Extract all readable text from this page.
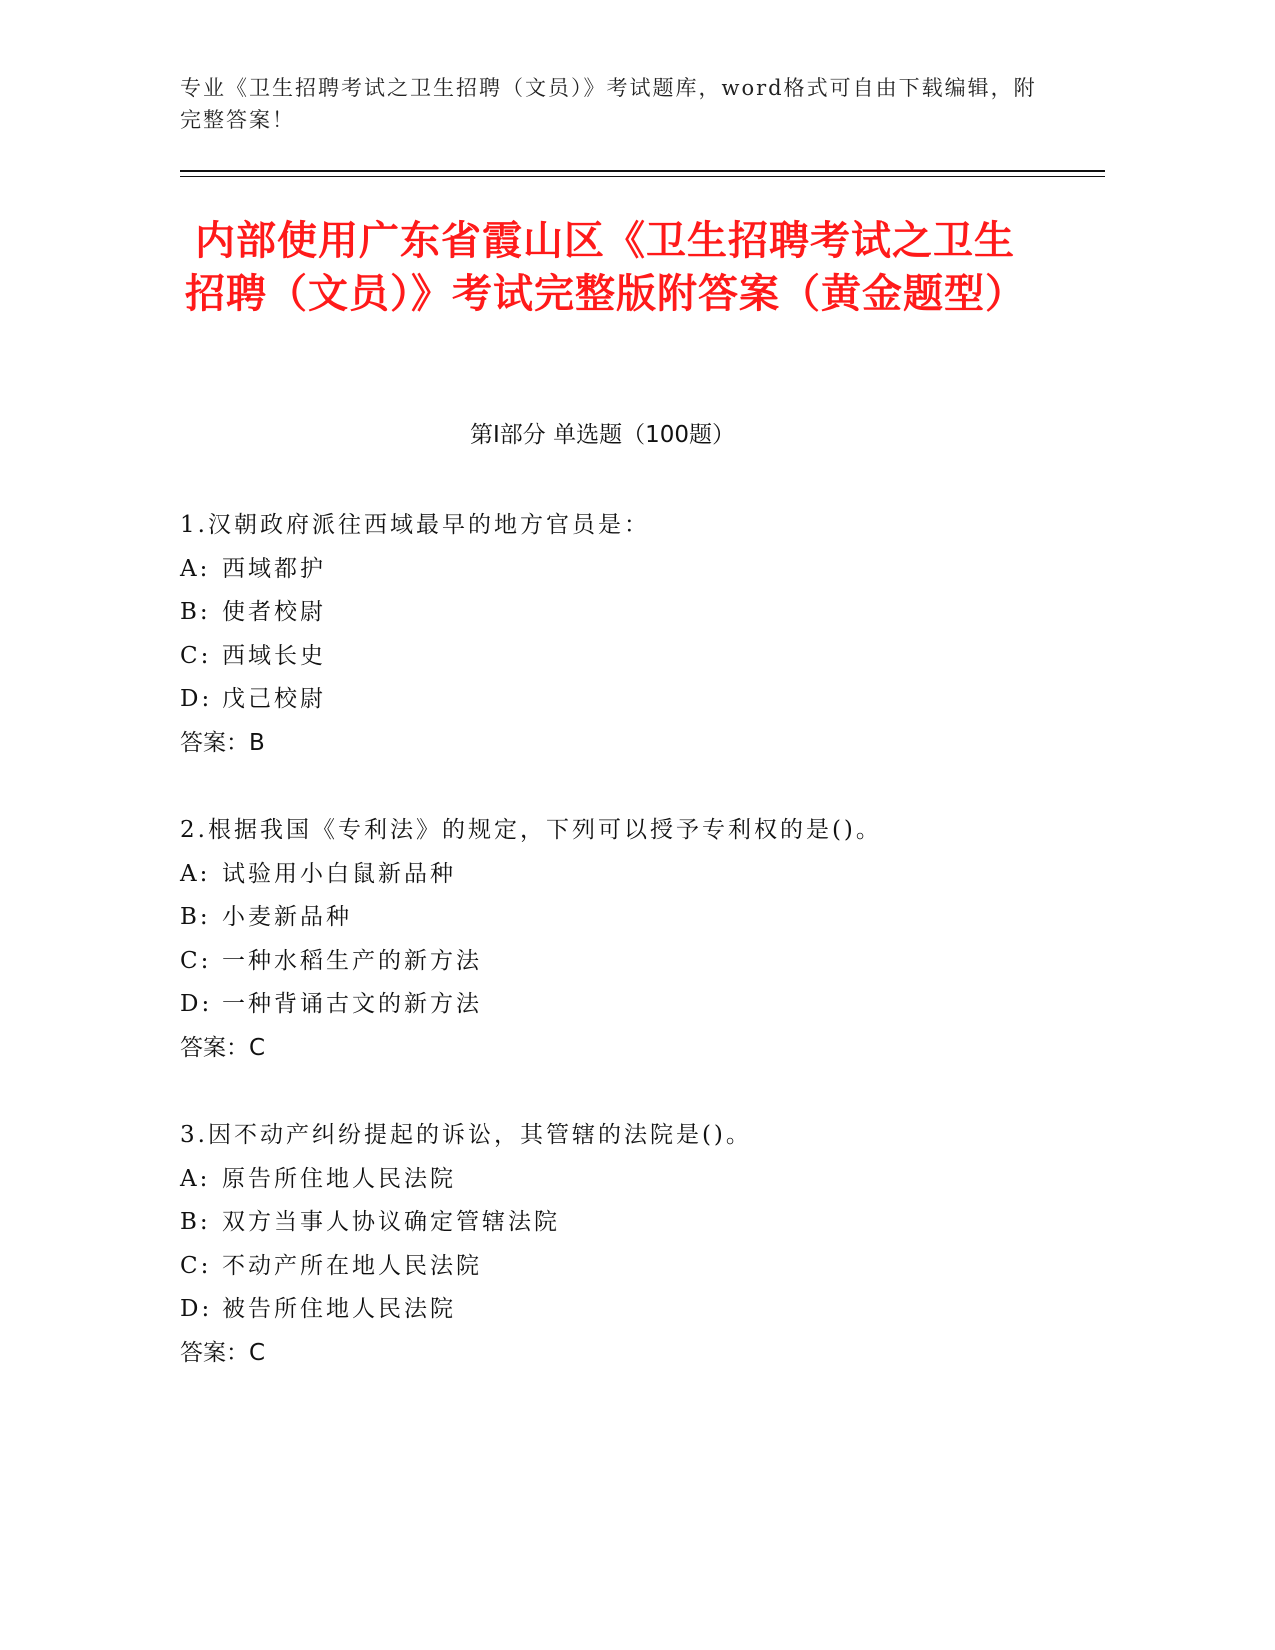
专业《卫生招聘考试之卫生招聘（文员）》考试题库，word格式可自由下载编辑，附完整答案！
内部使用广东省霞山区《卫生招聘考试之卫生招聘（文员）》考试完整版附答案（黄金题型）
第I部分 单选题（100题）
1.汉朝政府派往西域最早的地方官员是：
A: 西域都护
B: 使者校尉
C: 西域长史
D: 戊己校尉
答案：B
2.根据我国《专利法》的规定，下列可以授予专利权的是()。
A: 试验用小白鼠新品种
B: 小麦新品种
C: 一种水稻生产的新方法
D: 一种背诵古文的新方法
答案：C
3.因不动产纠纷提起的诉讼，其管辖的法院是()。
A: 原告所住地人民法院
B: 双方当事人协议确定管辖法院
C: 不动产所在地人民法院
D: 被告所住地人民法院
答案：C
